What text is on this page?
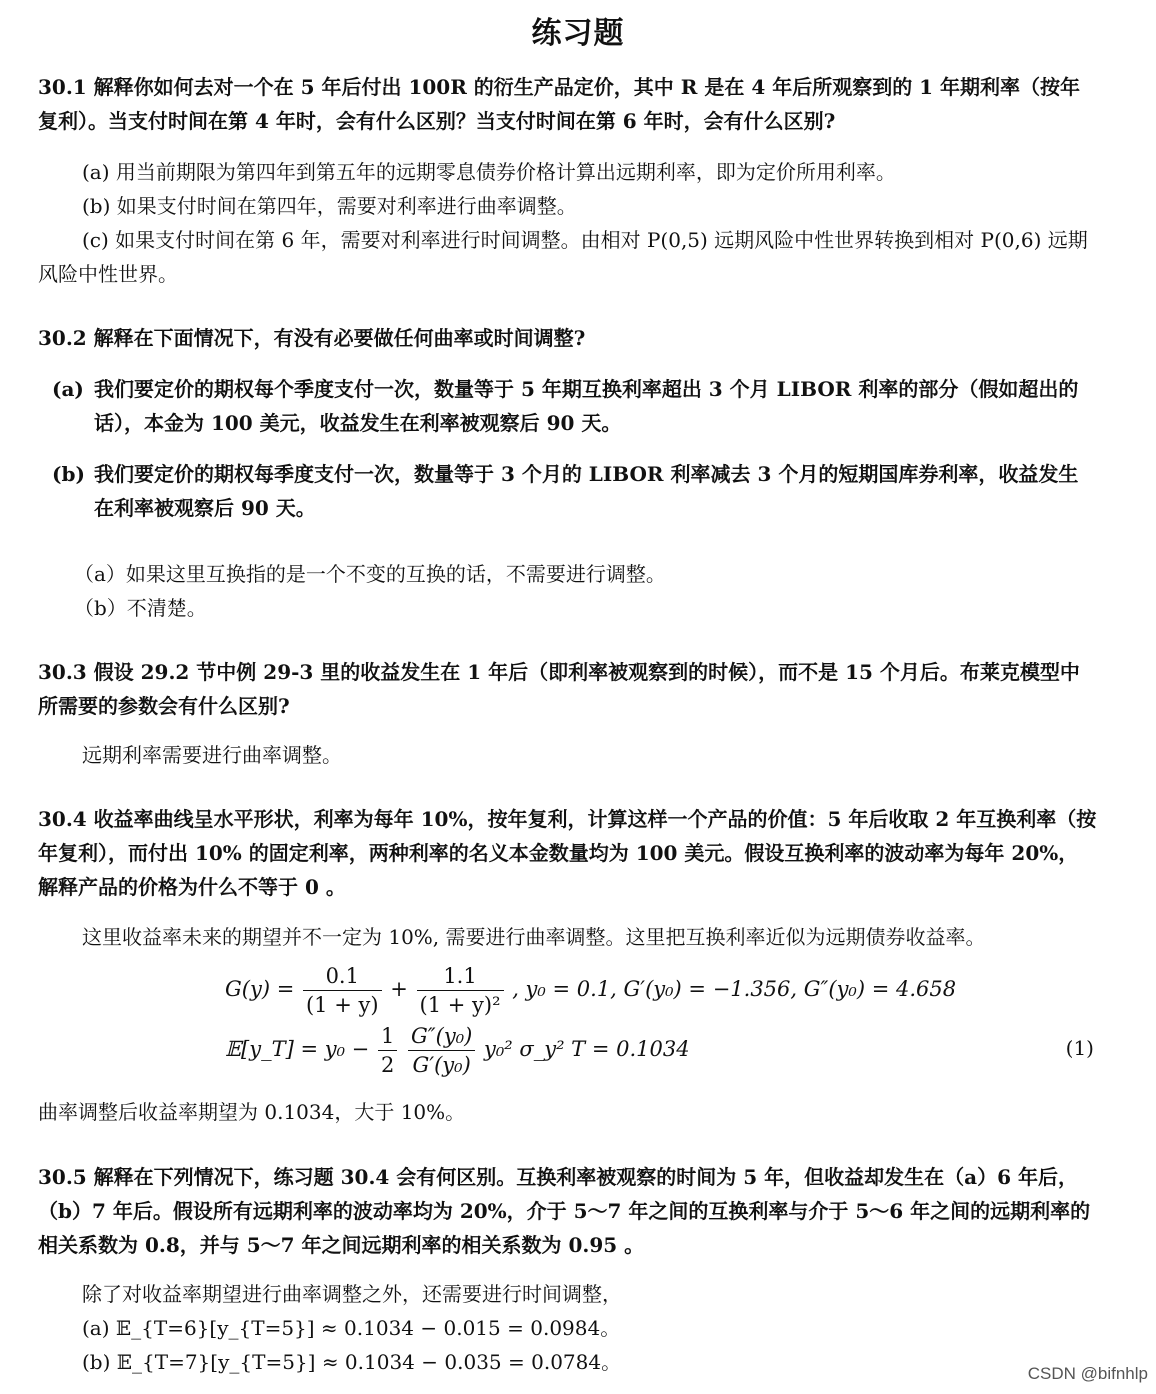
练习题
30.1 解释你如何去对一个在 5 年后付出 100R 的衍生产品定价，其中 R 是在 4 年后所观察到的 1 年期利率（按年复利）。当支付时间在第 4 年时，会有什么区别？当支付时间在第 6 年时，会有什么区别?
(a) 用当前期限为第四年到第五年的远期零息债券价格计算出远期利率，即为定价所用利率。
(b) 如果支付时间在第四年，需要对利率进行曲率调整。
(c) 如果支付时间在第 6 年，需要对利率进行时间调整。由相对 P(0,5) 远期风险中性世界转换到相对 P(0,6) 远期风险中性世界。
30.2 解释在下面情况下，有没有必要做任何曲率或时间调整?
(a) 我们要定价的期权每个季度支付一次，数量等于 5 年期互换利率超出 3 个月 LIBOR 利率的部分（假如超出的话），本金为 100 美元，收益发生在利率被观察后 90 天。
(b) 我们要定价的期权每季度支付一次，数量等于 3 个月的 LIBOR 利率减去 3 个月的短期国库券利率，收益发生在利率被观察后 90 天。
（a）如果这里互换指的是一个不变的互换的话，不需要进行调整。
（b）不清楚。
30.3 假设 29.2 节中例 29-3 里的收益发生在 1 年后（即利率被观察到的时候），而不是 15 个月后。布莱克模型中所需要的参数会有什么区别?
远期利率需要进行曲率调整。
30.4 收益率曲线呈水平形状，利率为每年 10%，按年复利，计算这样一个产品的价值：5 年后收取 2 年互换利率（按年复利），而付出 10% 的固定利率，两种利率的名义本金数量均为 100 美元。假设互换利率的波动率为每年 20%，解释产品的价格为什么不等于 0 。
这里收益率未来的期望并不一定为 10%, 需要进行曲率调整。这里把互换利率近似为远期债券收益率。
$G(y) = \frac{0.1}{(1 + y)} + \frac{1.1}{\text{(1 + y)²}}$ , y₀ = 0.1, G′(y₀) = −1.356, G″(y₀) = 4.658
𝔼[y_T] = $y_0 - \frac{1}{2}$
$\frac{\text{G″(y₀)}}{\text{G′(y₀)}} y_0^2$ σ_y² T = 0.1034	(1)
曲率调整后收益率期望为 0.1034，大于 10%。
30.5 解释在下列情况下，练习题 30.4 会有何区别。互换利率被观察的时间为 5 年，但收益却发生在（a）6 年后，（b）7 年后。假设所有远期利率的波动率均为 20%，介于 5～7 年之间的互换利率与介于 5～6 年之间的远期利率的相关系数为 0.8，并与 5～7 年之间远期利率的相关系数为 0.95 。
除了对收益率期望进行曲率调整之外，还需要进行时间调整，
(a) 𝔼_{T=6}[y_{T=5}] ≈ 0.1034 − 0.015 = 0.0984。
(b) 𝔼_{T=7}[y_{T=5}] ≈ 0.1034 − 0.035 = 0.0784。	CSDN @bifnhlp
